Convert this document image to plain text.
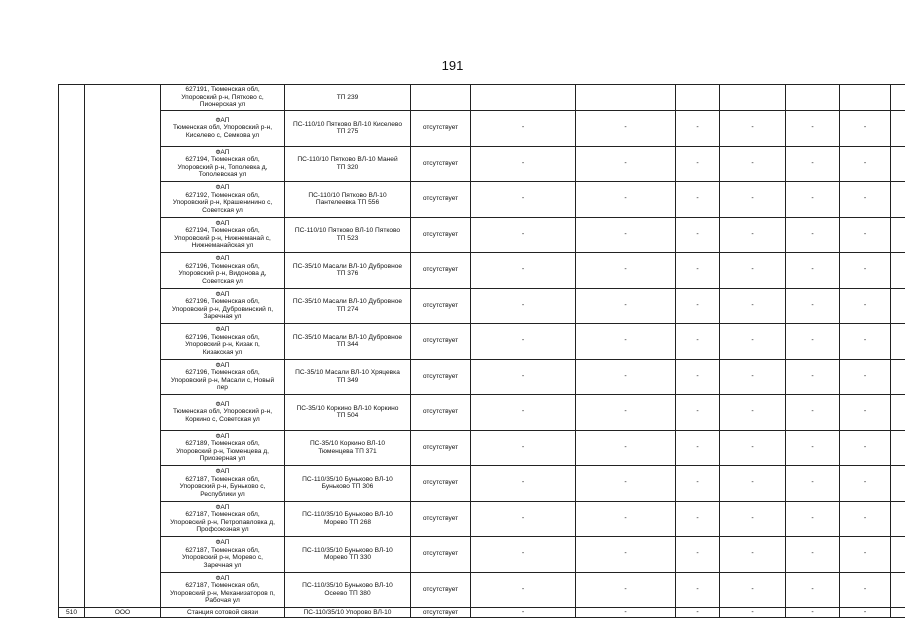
191
		627191, Тюменская обл,
Упоровский р-н, Пятково с,
Пионерская ул	ТП 239								
		ФАП
Тюменская обл, Упоровский р-н,
Киселево с, Семкова ул	ПС-110/10 Пятково ВЛ-10 Киселево
ТП 275	отсутствует	-	-	-	-	-	-	
		ФАП
627194, Тюменская обл,
Упоровский р-н, Тополевка д,
Тополевская ул	ПС-110/10 Пятково ВЛ-10 Маней
ТП 320	отсутствует	-	-	-	-	-	-	
		ФАП
627192, Тюменская обл,
Упоровский р-н, Крашенинино с,
Советская ул	ПС-110/10 Пятково ВЛ-10
Пантелеевка ТП 556	отсутствует	-	-	-	-	-	-	
		ФАП
627194, Тюменская обл,
Упоровский р-н, Нижнеманай с,
Нижнеманайская ул	ПС-110/10 Пятково ВЛ-10 Пятково
ТП 523	отсутствует	-	-	-	-	-	-	
		ФАП
627196, Тюменская обл,
Упоровский р-н, Видонова д,
Советская ул	ПС-35/10 Масали ВЛ-10 Дубровное
ТП 376	отсутствует	-	-	-	-	-	-	
		ФАП
627196, Тюменская обл,
Упоровский р-н, Дубровинский п,
Заречная ул	ПС-35/10 Масали ВЛ-10 Дубровное
ТП 274	отсутствует	-	-	-	-	-	-	
		ФАП
627196, Тюменская обл,
Упоровский р-н, Кизак п,
Кизакская ул	ПС-35/10 Масали ВЛ-10 Дубровное
ТП 344	отсутствует	-	-	-	-	-	-	
		ФАП
627196, Тюменская обл,
Упоровский р-н, Масали с, Новый
пер	ПС-35/10 Масали ВЛ-10 Хряцевка
ТП 349	отсутствует	-	-	-	-	-	-	
		ФАП
Тюменская обл, Упоровский р-н,
Коркино с, Советская ул	ПС-35/10 Коркино ВЛ-10 Коркино
ТП 504	отсутствует	-	-	-	-	-	-	
		ФАП
627189, Тюменская обл,
Упоровский р-н, Тюменцева д,
Приозерная ул	ПС-35/10 Коркино ВЛ-10
Тюменцева ТП 371	отсутствует	-	-	-	-	-	-	
		ФАП
627187, Тюменская обл,
Упоровский р-н, Буньково с,
Республики ул	ПС-110/35/10 Буньково ВЛ-10
Буньково ТП 306	отсутствует	-	-	-	-	-	-	
		ФАП
627187, Тюменская обл,
Упоровский р-н, Петропавловка д,
Профсоюзная ул	ПС-110/35/10 Буньково ВЛ-10
Морево ТП 268	отсутствует	-	-	-	-	-	-	
		ФАП
627187, Тюменская обл,
Упоровский р-н, Морево с,
Заречная ул	ПС-110/35/10 Буньково ВЛ-10
Морево ТП 330	отсутствует	-	-	-	-	-	-	
		ФАП
627187, Тюменская обл,
Упоровский р-н, Механизаторов п,
Рабочая ул	ПС-110/35/10 Буньково ВЛ-10
Осеево ТП 380	отсутствует	-	-	-	-	-	-	
510	ООО	Станция сотовой связи	ПС-110/35/10 Упорово ВЛ-10	отсутствует	-	-	-	-	-	-	
